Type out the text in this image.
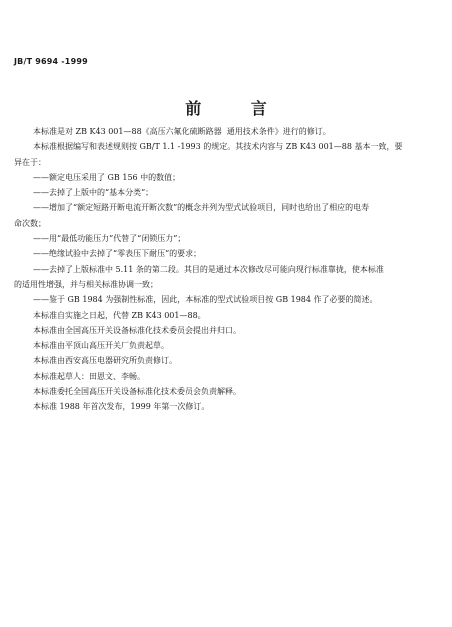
JB/T 9694 -1999
前 言

本标准是对 ZB K43 001—88《高压六氟化硫断路器  通用技术条件》进行的修订。

本标准根据编写和表述规则按 GB/T 1.1 -1993 的规定。其技术内容与 ZB K43 001—88 基本一致，要

异在于：

——额定电压采用了 GB 156 中的数值；

——去掉了上版中的“基本分类”；

——增加了“额定短路开断电流开断次数”的概念并列为型式试验项目，同时也给出了相应的电寿

命次数；

——用“最低功能压力”代替了“闭锁压力”；

——绝缘试验中去掉了“零表压下耐压”的要求；

——去掉了上版标准中 5.11 条的第二段。其目的是通过本次修改尽可能向现行标准靠拢，使本标准

的适用性增强，并与相关标准协调一致；

——鉴于 GB 1984 为强制性标准，因此，本标准的型式试验项目按 GB 1984 作了必要的简述。

本标准自实施之日起，代替 ZB K43 001—88。

本标准由全国高压开关设备标准化技术委员会提出并归口。

本标准由平顶山高压开关厂负责起草。

本标准由西安高压电器研究所负责修订。

本标准起草人：田恩文、李畅。

本标准委托全国高压开关设备标准化技术委员会负责解释。

本标准 1988 年首次发布，1999 年第一次修订。
